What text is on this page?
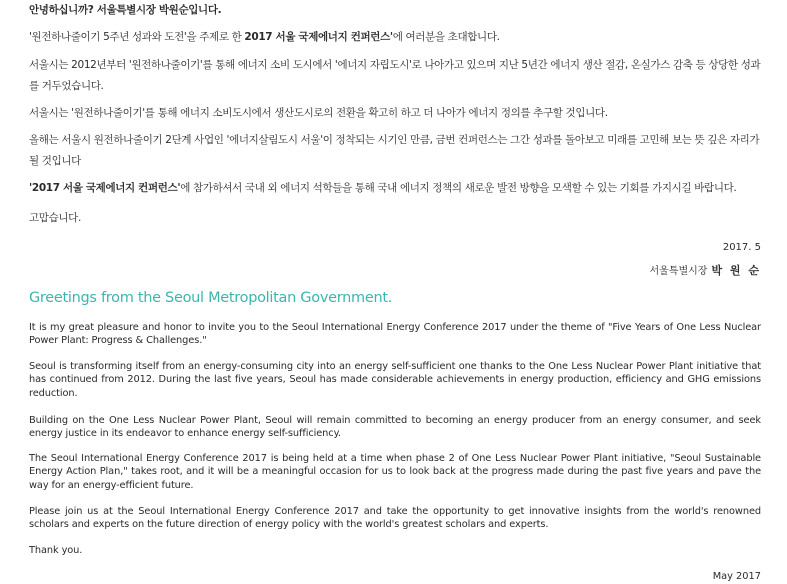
안녕하십니까? 서울특별시장 박원순입니다.

'원전하나줄이기 5주년 성과와 도전'을 주제로 한 2017 서울 국제에너지 컨퍼런스'에 여러분을 초대합니다.

서울시는 2012년부터 '원전하나줄이기'를 통해 에너지 소비 도시에서 '에너지 자립도시'로 나아가고 있으며 지난 5년간 에너지 생산 절감, 온실가스 감축 등 상당한 성과를 거두었습니다.

서울시는 '원전하나줄이기'를 통해 에너지 소비도시에서 생산도시로의 전환을 확고히 하고 더 나아가 에너지 정의를 추구할 것입니다.

올해는 서울시 원전하나줄이기 2단계 사업인 '에너지살림도시 서울'이 정착되는 시기인 만큼, 금번 컨퍼런스는 그간 성과를 돌아보고 미래를 고민해 보는 뜻 깊은 자리가 될 것입니다

'2017 서울 국제에너지 컨퍼런스'에 참가하셔서 국내 외 에너지 석학들을 통해 국내 에너지 정책의 새로운 발전 방향을 모색할 수 있는 기회를 가지시길 바랍니다.

고맙습니다.
2017. 5
서울특별시장 박 원 순
Greetings from the Seoul Metropolitan Government.

It is my great pleasure and honor to invite you to the Seoul International Energy Conference 2017 under the theme of "Five Years of One Less Nuclear Power Plant: Progress & Challenges."

Seoul is transforming itself from an energy-consuming city into an energy self-sufficient one thanks to the One Less Nuclear Power Plant initiative that has continued from 2012. During the last five years, Seoul has made considerable achievements in energy production, efficiency and GHG emissions reduction.

Building on the One Less Nuclear Power Plant, Seoul will remain committed to becoming an energy producer from an energy consumer, and seek energy justice in its endeavor to enhance energy self-sufficiency.

The Seoul International Energy Conference 2017 is being held at a time when phase 2 of One Less Nuclear Power Plant initiative, "Seoul Sustainable Energy Action Plan," takes root, and it will be a meaningful occasion for us to look back at the progress made during the past five years and pave the way for an energy-efficient future.

Please join us at the Seoul International Energy Conference 2017 and take the opportunity to get innovative insights from the world's renowned scholars and experts on the future direction of energy policy with the world's greatest scholars and experts.

Thank you.
May 2017
